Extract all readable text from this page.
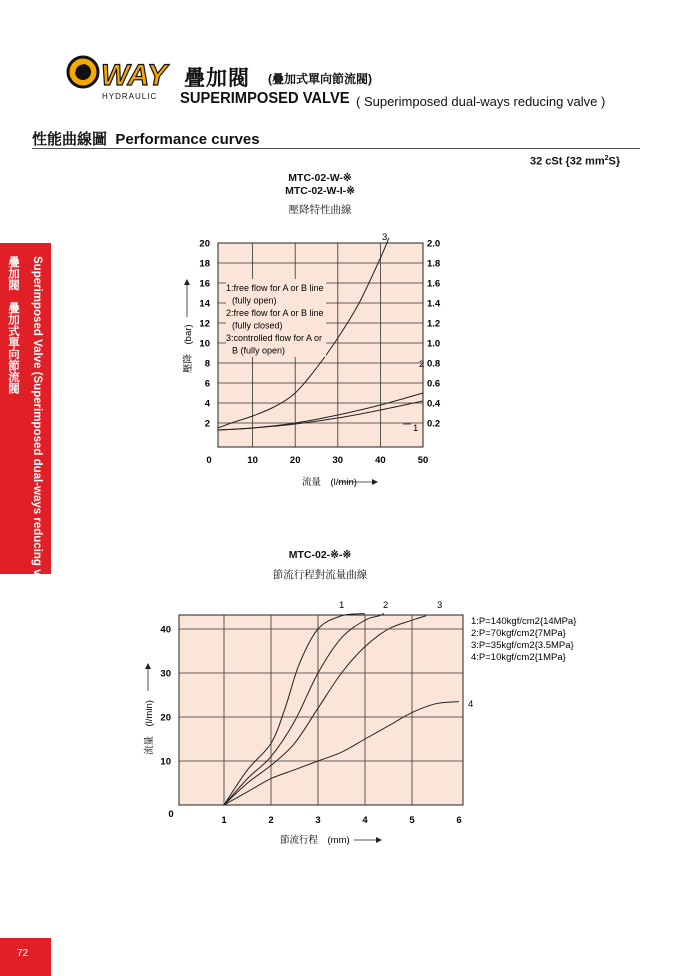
WAY
HYDRAULIC
疊加閥 (疊加式單向節流閥)
SUPERIMPOSED VALVE ( Superimposed dual-ways reducing valve )
性能曲線圖 Performance curves
32 cSt {32 $mm^2S$}
疊加閥　疊加式單向節流閥 Superimposed Valve (Superimposed dual-ways reducing valve)
72
MTC-02-W-※
MTC-02-W-I-※
壓降特性曲線
0	10	20	30	40	50
2
4
6
8
10
12
14
16
18
20
0.2
0.4
0.6
0.8
1.0
1.2
1.4
1.6
1.8
2.0
2
1
3
1:free flow for A or B line
(fully open)
2:free flow for A or B line
(fully closed)
3:controlled flow for A or
B (fully open)
流量　(l/min)
壓降　(bar)
MTC-02-※-※
節流行程對流量曲線
0
1	2	3	4	5	6
10
20
30
40
1	2	3
4
1:P=140kgf/cm2{14MPa}
2:P=70kgf/cm2{7MPa}
3:P=35kgf/cm2{3.5MPa}
4:P=10kgf/cm2{1MPa}
節流行程　(mm)
流量　(l/min)
